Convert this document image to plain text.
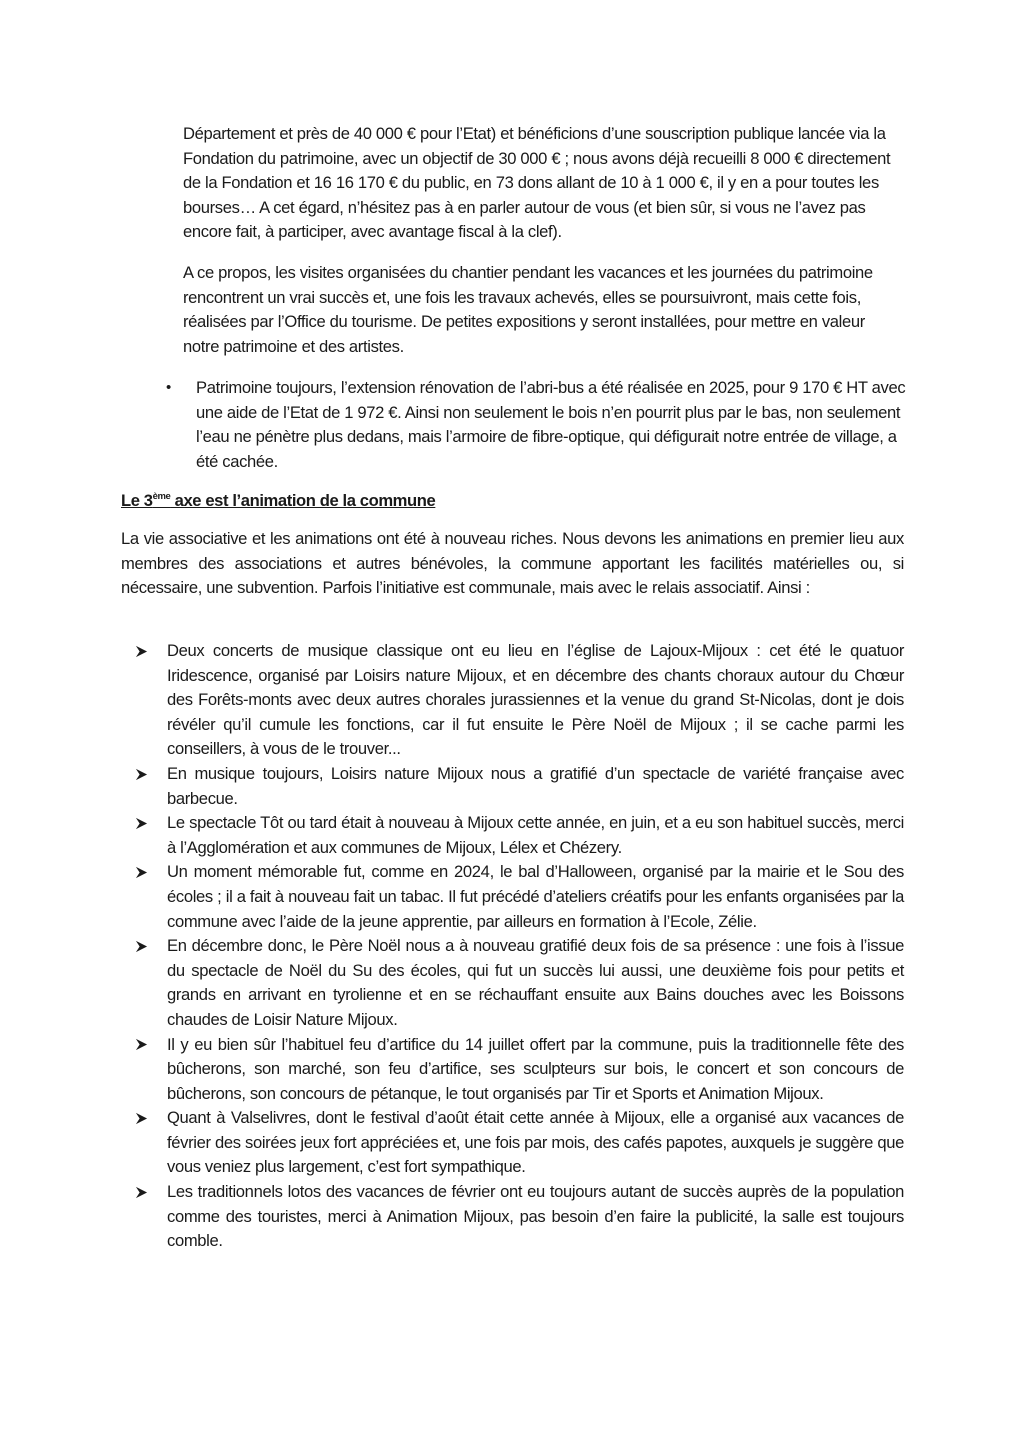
Département et près de 40 000 € pour l’Etat) et bénéficions d’une souscription publique lancée via la Fondation du patrimoine, avec un objectif de 30 000 € ; nous avons déjà recueilli 8 000 € directement de la Fondation et 16 16 170 € du public, en 73 dons allant de 10 à 1 000 €, il y en a pour toutes les bourses… A cet égard, n’hésitez pas à en parler autour de vous (et bien sûr, si vous ne l’avez pas encore fait, à participer, avec avantage fiscal à la clef).

A ce propos, les visites organisées du chantier pendant les vacances et les journées du patrimoine rencontrent un vrai succès et, une fois les travaux achevés, elles se poursuivront, mais cette fois, réalisées par l’Office du tourisme. De petites expositions y seront installées, pour mettre en valeur notre patrimoine et des artistes.

•	Patrimoine toujours, l’extension rénovation de l’abri-bus a été réalisée en 2025, pour 9 170 € HT avec une aide de l’Etat de 1 972 €. Ainsi non seulement le bois n’en pourrit plus par le bas, non seulement l’eau ne pénètre plus dedans, mais l’armoire de fibre-optique, qui défigurait notre entrée de village, a été cachée.

Le 3ème axe est l’animation de la commune

La vie associative et les animations ont été à nouveau riches. Nous devons les animations en premier lieu aux membres des associations et autres bénévoles, la commune apportant les facilités matérielles ou, si nécessaire, une subvention. Parfois l’initiative est communale, mais avec le relais associatif. Ainsi :

Deux concerts de musique classique ont eu lieu en l’église de Lajoux-Mijoux : cet été le quatuor Iridescence, organisé par Loisirs nature Mijoux, et en décembre des chants choraux autour du Chœur des Forêts-monts avec deux autres chorales jurassiennes et la venue du grand St-Nicolas, dont je dois révéler qu’il cumule les fonctions, car il fut ensuite le Père Noël de Mijoux ; il se cache parmi les conseillers, à vous de le trouver...
En musique toujours, Loisirs nature Mijoux nous a gratifié d’un spectacle de variété française avec barbecue.
Le spectacle Tôt ou tard était à nouveau à Mijoux cette année, en juin, et a eu son habituel succès, merci à l’Agglomération et aux communes de Mijoux, Lélex et Chézery.
Un moment mémorable fut, comme en 2024, le bal d’Halloween, organisé par la mairie et le Sou des écoles ; il a fait à nouveau fait un tabac. Il fut précédé d’ateliers créatifs pour les enfants organisées par la commune avec l’aide de la jeune apprentie, par ailleurs en formation à l’Ecole, Zélie.
En décembre donc, le Père Noël nous a à nouveau gratifié deux fois de sa présence : une fois à l’issue du spectacle de Noël du Su des écoles, qui fut un succès lui aussi, une deuxième fois pour petits et grands en arrivant en tyrolienne et en se réchauffant ensuite aux Bains douches avec les Boissons chaudes de Loisir Nature Mijoux.
Il y eu bien sûr l’habituel feu d’artifice du 14 juillet offert par la commune, puis la traditionnelle fête des bûcherons, son marché, son feu d’artifice, ses sculpteurs sur bois, le concert et son concours de bûcherons, son concours de pétanque, le tout organisés par Tir et Sports et Animation Mijoux.
Quant à Valselivres, dont le festival d’août était cette année à Mijoux, elle a organisé aux vacances de février des soirées jeux fort appréciées et, une fois par mois, des cafés papotes, auxquels je suggère que vous veniez plus largement, c’est fort sympathique.
Les traditionnels lotos des vacances de février ont eu toujours autant de succès auprès de la population comme des touristes, merci à Animation Mijoux, pas besoin d’en faire la publicité, la salle est toujours comble.
